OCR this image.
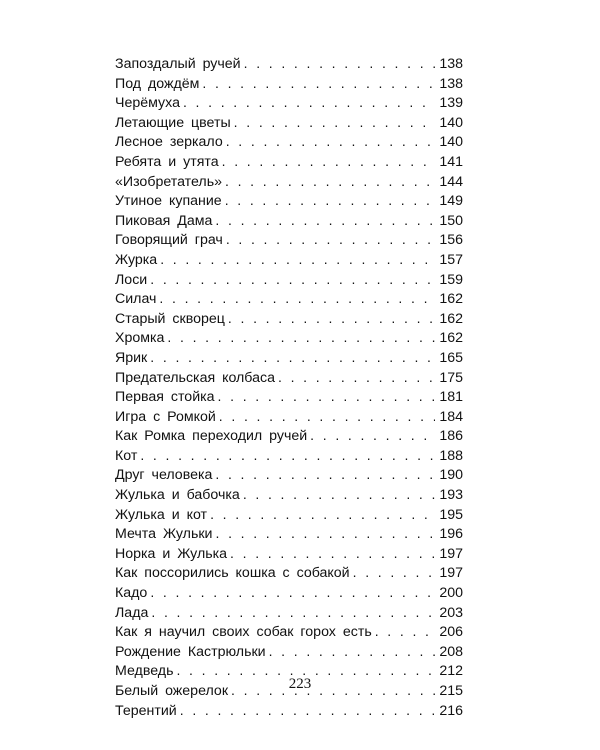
Запоздалый ручей . . .	138
Под дождём . . .	138
Черёмуха . . .	139
Летающие цветы . . .	140
Лесное зеркало . . .	140
Ребята и утята . . .	141
«Изобретатель» . . .	144
Утиное купание . . .	149
Пиковая Дама . . .	150
Говорящий грач . . .	156
Журка . . .	157
Лоси . . .	159
Силач . . .	162
Старый скворец . . .	162
Хромка . . .	162
Ярик . . .	165
Предательская колбаса . . .	175
Первая стойка . . .	181
Игра с Ромкой . . .	184
Как Ромка переходил ручей . . .	186
Кот . . .	188
Друг человека . . .	190
Жулька и бабочка . . .	193
Жулька и кот . . .	195
Мечта Жульки . . .	196
Норка и Жулька . . .	197
Как поссорились кошка с собакой . . .	197
Кадо . . .	200
Лада . . .	203
Как я научил своих собак горох есть . . .	206
Рождение Кастрюльки . . .	208
Медведь . . .	212
Белый ожерелок . . .	215
Терентий . . .	216
223
